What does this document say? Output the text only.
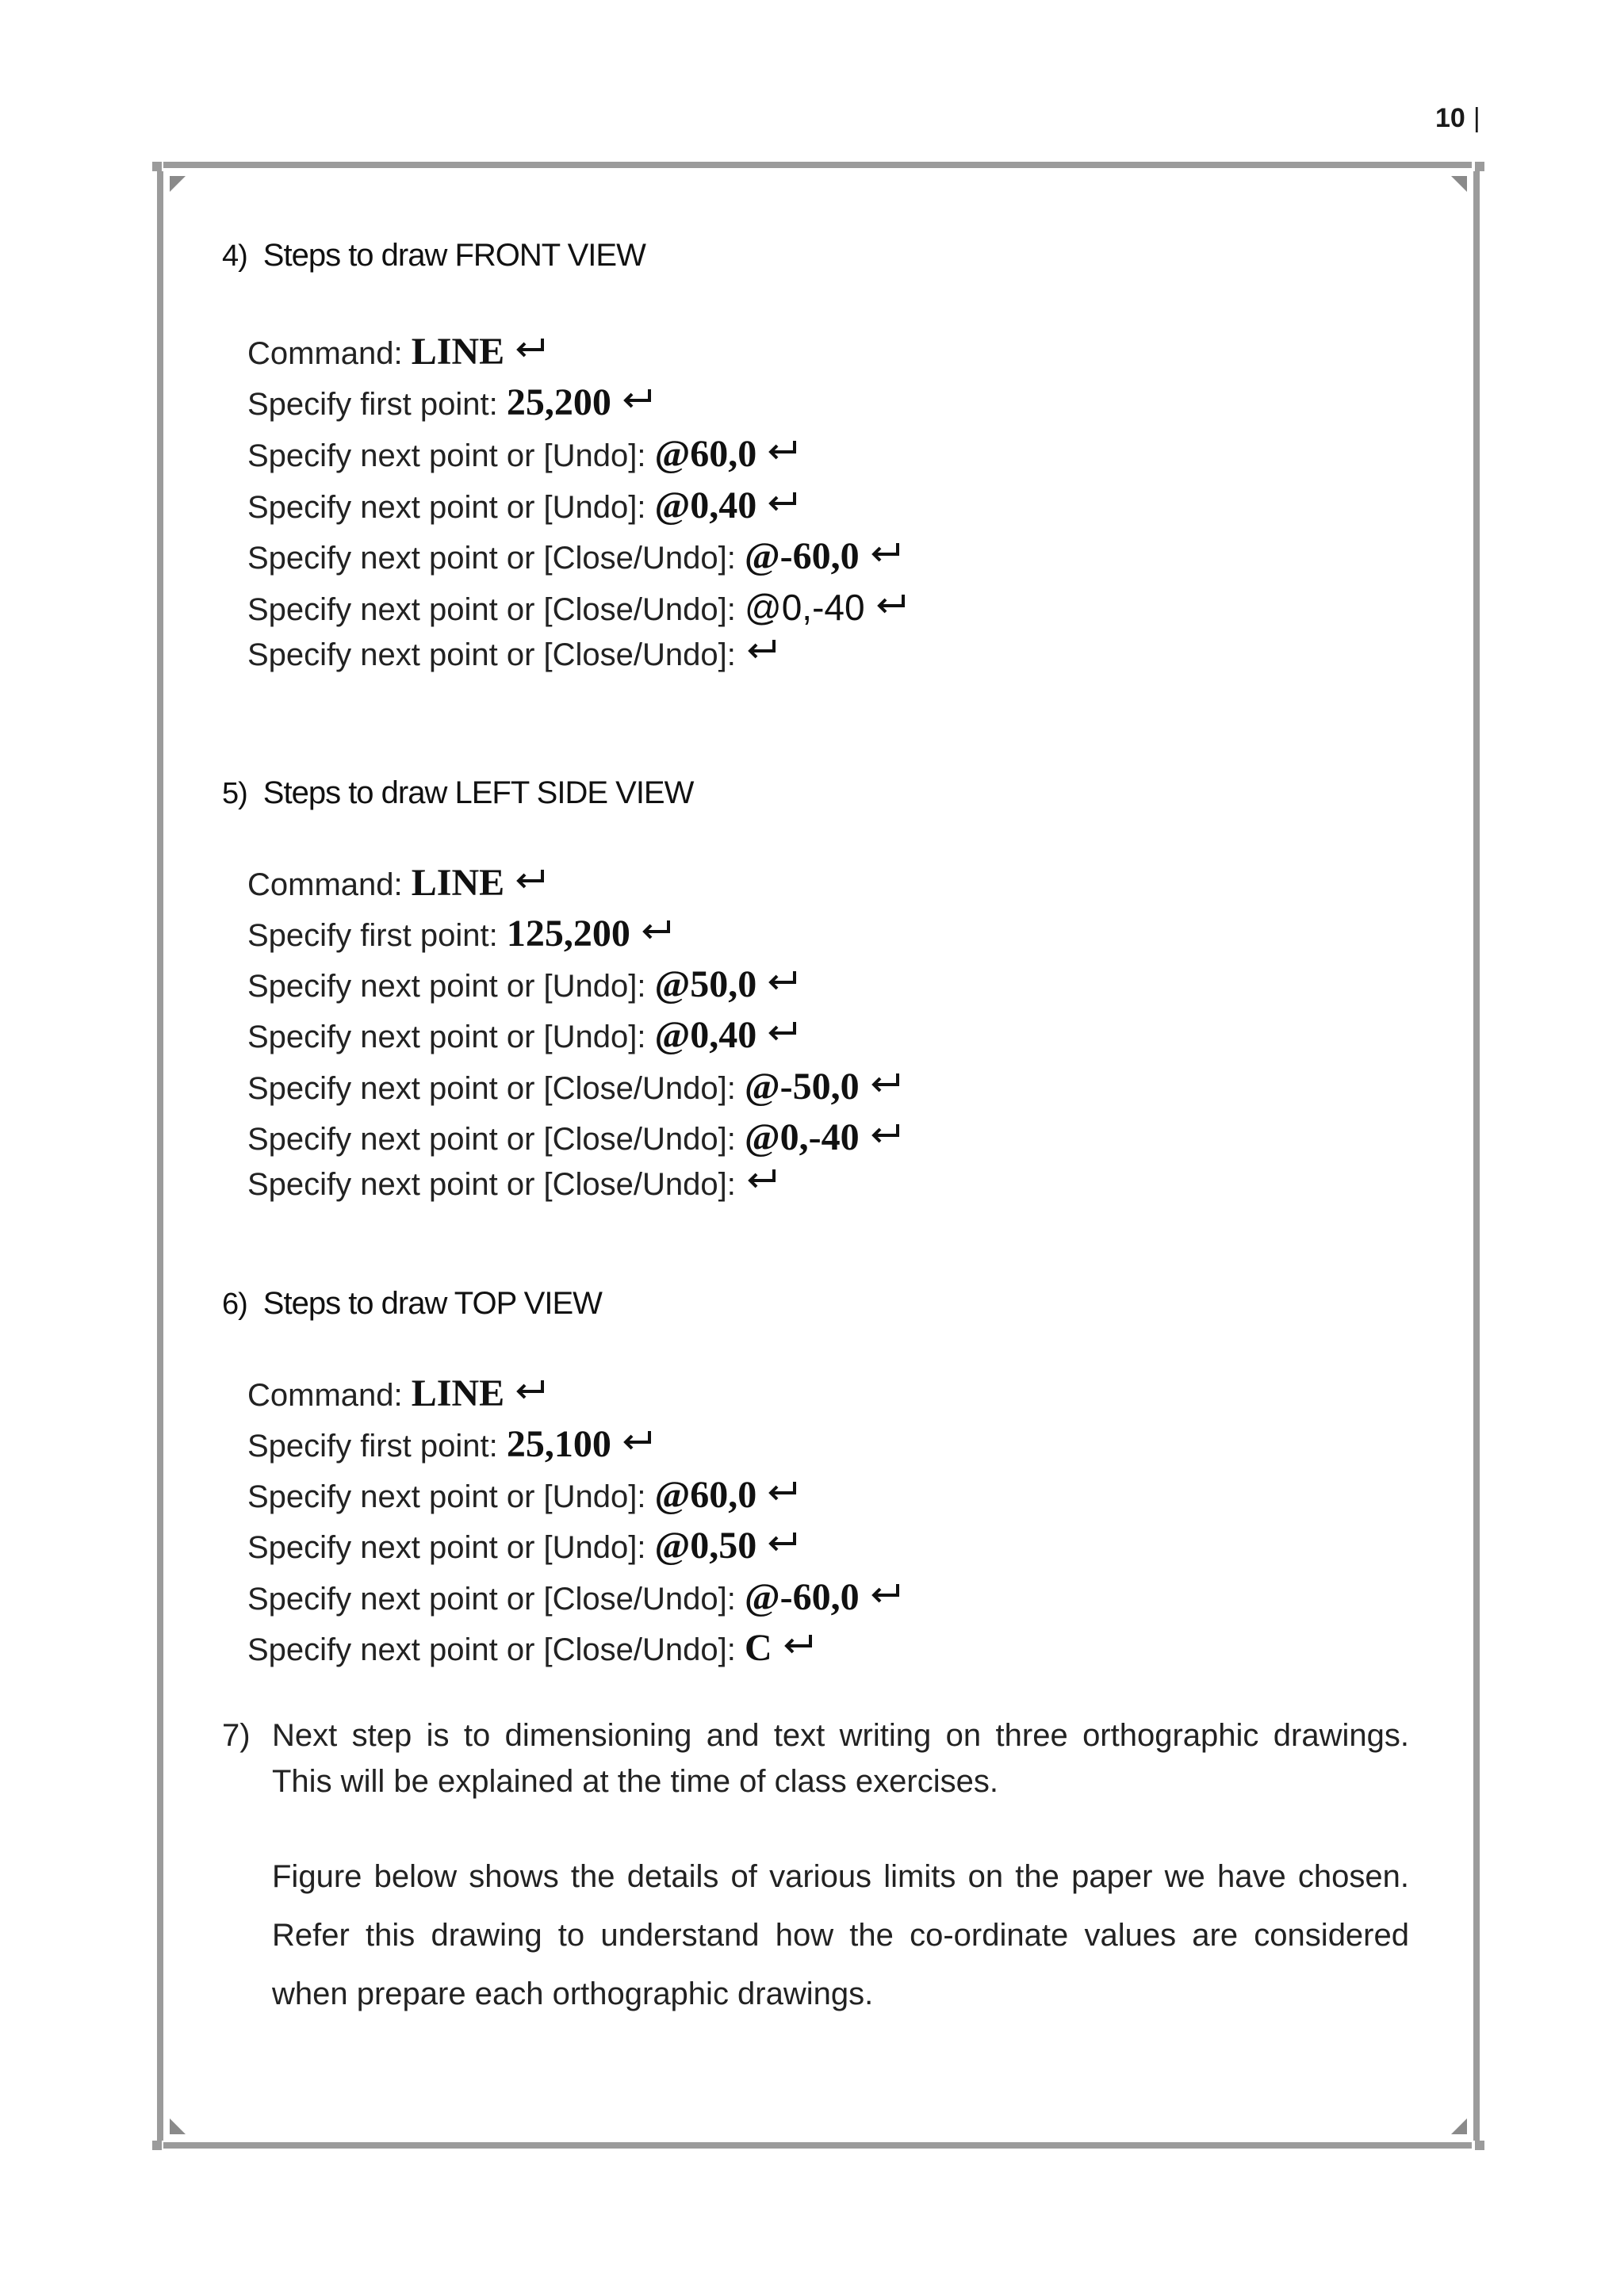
10 |
4) Steps to draw FRONT VIEW
Command: LINE
Specify first point: 25,200
Specify next point or [Undo]: @60,0
Specify next point or [Undo]: @0,40
Specify next point or [Close/Undo]: @-60,0
Specify next point or [Close/Undo]: @0,-40
Specify next point or [Close/Undo]:
5) Steps to draw LEFT SIDE VIEW
Command: LINE
Specify first point: 125,200
Specify next point or [Undo]: @50,0
Specify next point or [Undo]: @0,40
Specify next point or [Close/Undo]: @-50,0
Specify next point or [Close/Undo]: @0,-40
Specify next point or [Close/Undo]:
6) Steps to draw TOP VIEW
Command: LINE
Specify first point: 25,100
Specify next point or [Undo]: @60,0
Specify next point or [Undo]: @0,50
Specify next point or [Close/Undo]: @-60,0
Specify next point or [Close/Undo]: C
7) Next step is to dimensioning and text writing on three orthographic drawings. This will be explained at the time of class exercises.
Figure below shows the details of various limits on the paper we have chosen. Refer this drawing to understand how the co-ordinate values are considered when prepare each orthographic drawings.
